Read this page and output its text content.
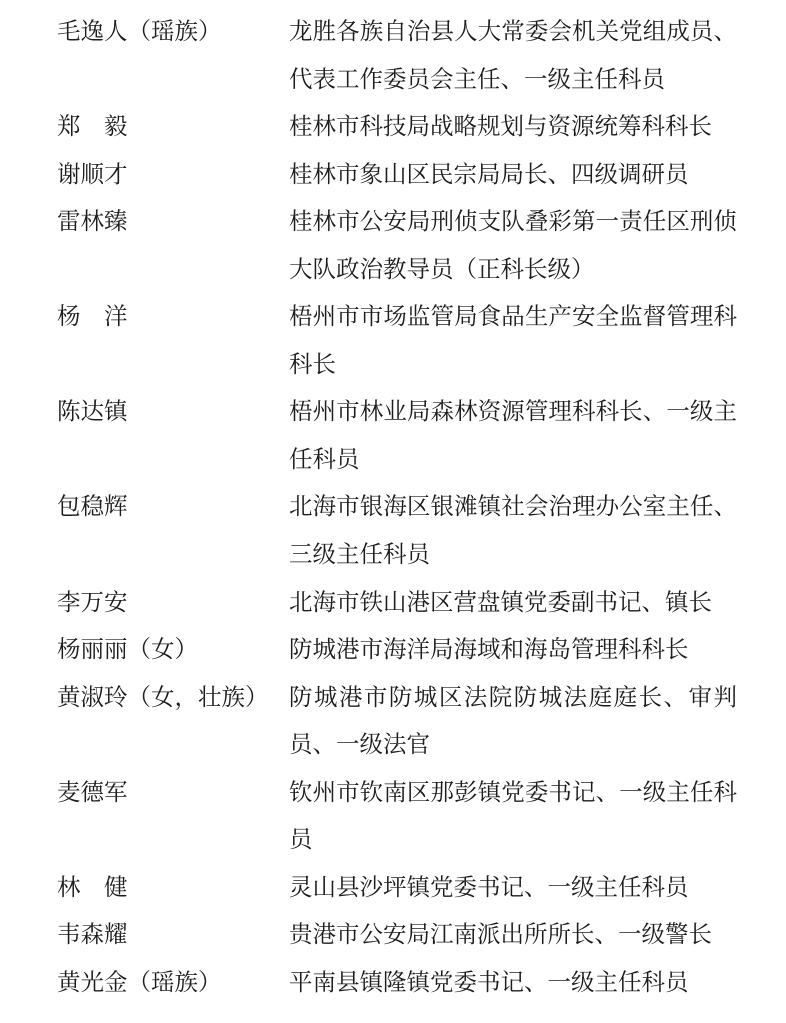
毛逸人（瑶族）	龙胜各族自治县人大常委会机关党组成员、代表工作委员会主任、一级主任科员
郑　毅	桂林市科技局战略规划与资源统筹科科长
谢顺才	桂林市象山区民宗局局长、四级调研员
雷林臻	桂林市公安局刑侦支队叠彩第一责任区刑侦大队政治教导员（正科长级）
杨　洋	梧州市市场监管局食品生产安全监督管理科科长
陈达镇	梧州市林业局森林资源管理科科长、一级主任科员
包稳辉	北海市银海区银滩镇社会治理办公室主任、三级主任科员
李万安	北海市铁山港区营盘镇党委副书记、镇长
杨丽丽（女）	防城港市海洋局海域和海岛管理科科长
黄淑玲（女，壮族） 防城港市防城区法院防城法庭庭长、审判员、一级法官
麦德军	钦州市钦南区那彭镇党委书记、一级主任科员
林　健	灵山县沙坪镇党委书记、一级主任科员
韦森耀	贵港市公安局江南派出所所长、一级警长
黄光金（瑶族）	平南县镇隆镇党委书记、一级主任科员
